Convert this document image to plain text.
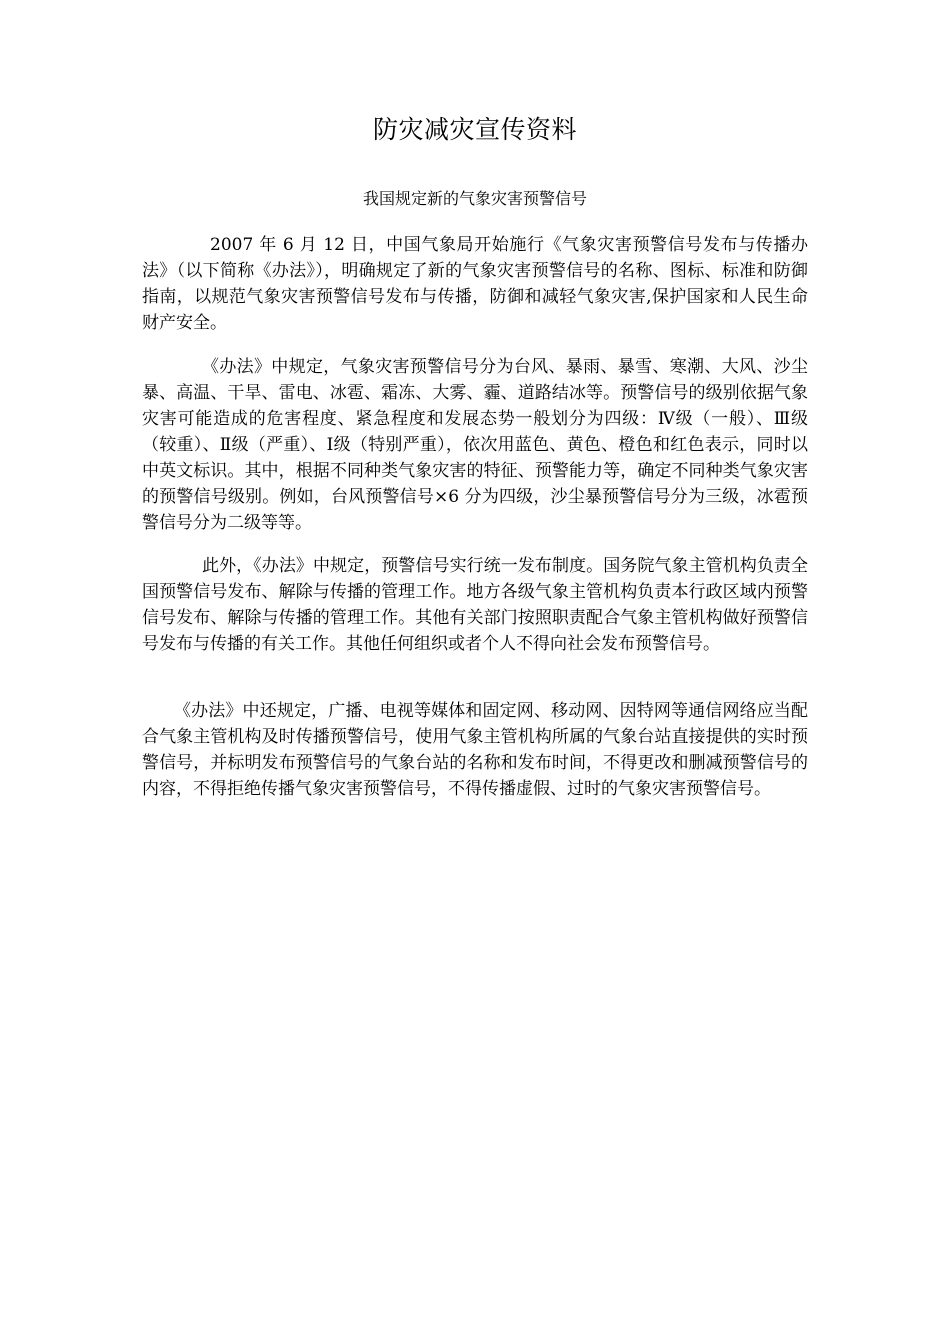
防灾减灾宣传资料
我国规定新的气象灾害预警信号

2007 年 6 月 12 日，中国气象局开始施行《气象灾害预警信号发布与传播办法》（以下简称《办法》），明确规定了新的气象灾害预警信号的名称、图标、标准和防御指南，以规范气象灾害预警信号发布与传播，防御和减轻气象灾害,保护国家和人民生命财产安全。

《办法》中规定，气象灾害预警信号分为台风、暴雨、暴雪、寒潮、大风、沙尘暴、高温、干旱、雷电、冰雹、霜冻、大雾、霾、道路结冰等。预警信号的级别依据气象灾害可能造成的危害程度、紧急程度和发展态势一般划分为四级：Ⅳ级（一般）、Ⅲ级（较重）、Ⅱ级（严重）、Ⅰ级（特别严重），依次用蓝色、黄色、橙色和红色表示，同时以中英文标识。其中，根据不同种类气象灾害的特征、预警能力等，确定不同种类气象灾害的预警信号级别。例如，台风预警信号×6 分为四级，沙尘暴预警信号分为三级，冰雹预警信号分为二级等等。

此外，《办法》中规定，预警信号实行统一发布制度。国务院气象主管机构负责全国预警信号发布、解除与传播的管理工作。地方各级气象主管机构负责本行政区域内预警信号发布、解除与传播的管理工作。其他有关部门按照职责配合气象主管机构做好预警信号发布与传播的有关工作。其他任何组织或者个人不得向社会发布预警信号。

《办法》中还规定，广播、电视等媒体和固定网、移动网、因特网等通信网络应当配合气象主管机构及时传播预警信号，使用气象主管机构所属的气象台站直接提供的实时预警信号，并标明发布预警信号的气象台站的名称和发布时间，不得更改和删减预警信号的内容，不得拒绝传播气象灾害预警信号，不得传播虚假、过时的气象灾害预警信号。
